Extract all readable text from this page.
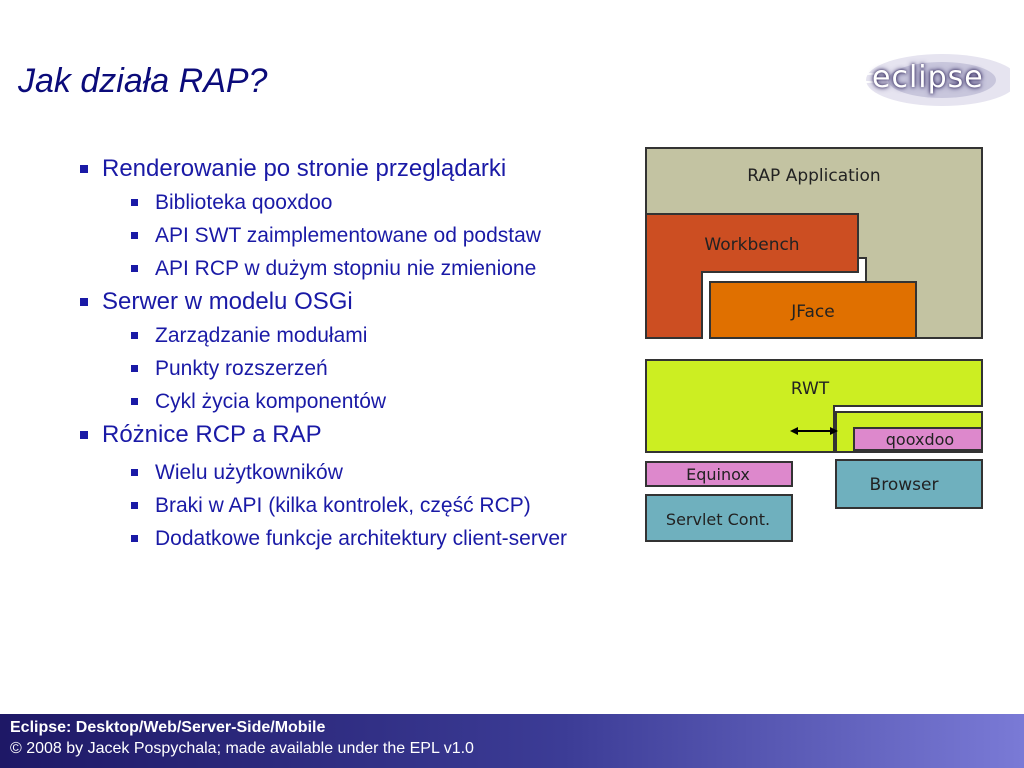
Jak działa RAP?	eclipse
Renderowanie po stronie przeglądarki
Biblioteka qooxdoo
API SWT zaimplementowane od podstaw
API RCP w dużym stopniu nie zmienione
Serwer w modelu OSGi
Zarządzanie modułami
Punkty rozszerzeń
Cykl życia komponentów
Różnice RCP a RAP
Wielu użytkowników
Braki w API (kilka kontrolek, część RCP)
Dodatkowe funkcje architektury client-server
RAP Application
Workbench
JFace
RWT
qooxdoo
Equinox
Browser
Servlet Cont.
Eclipse: Desktop/Web/Server-Side/Mobile
© 2008 by Jacek Pospychala; made available under the EPL v1.0
